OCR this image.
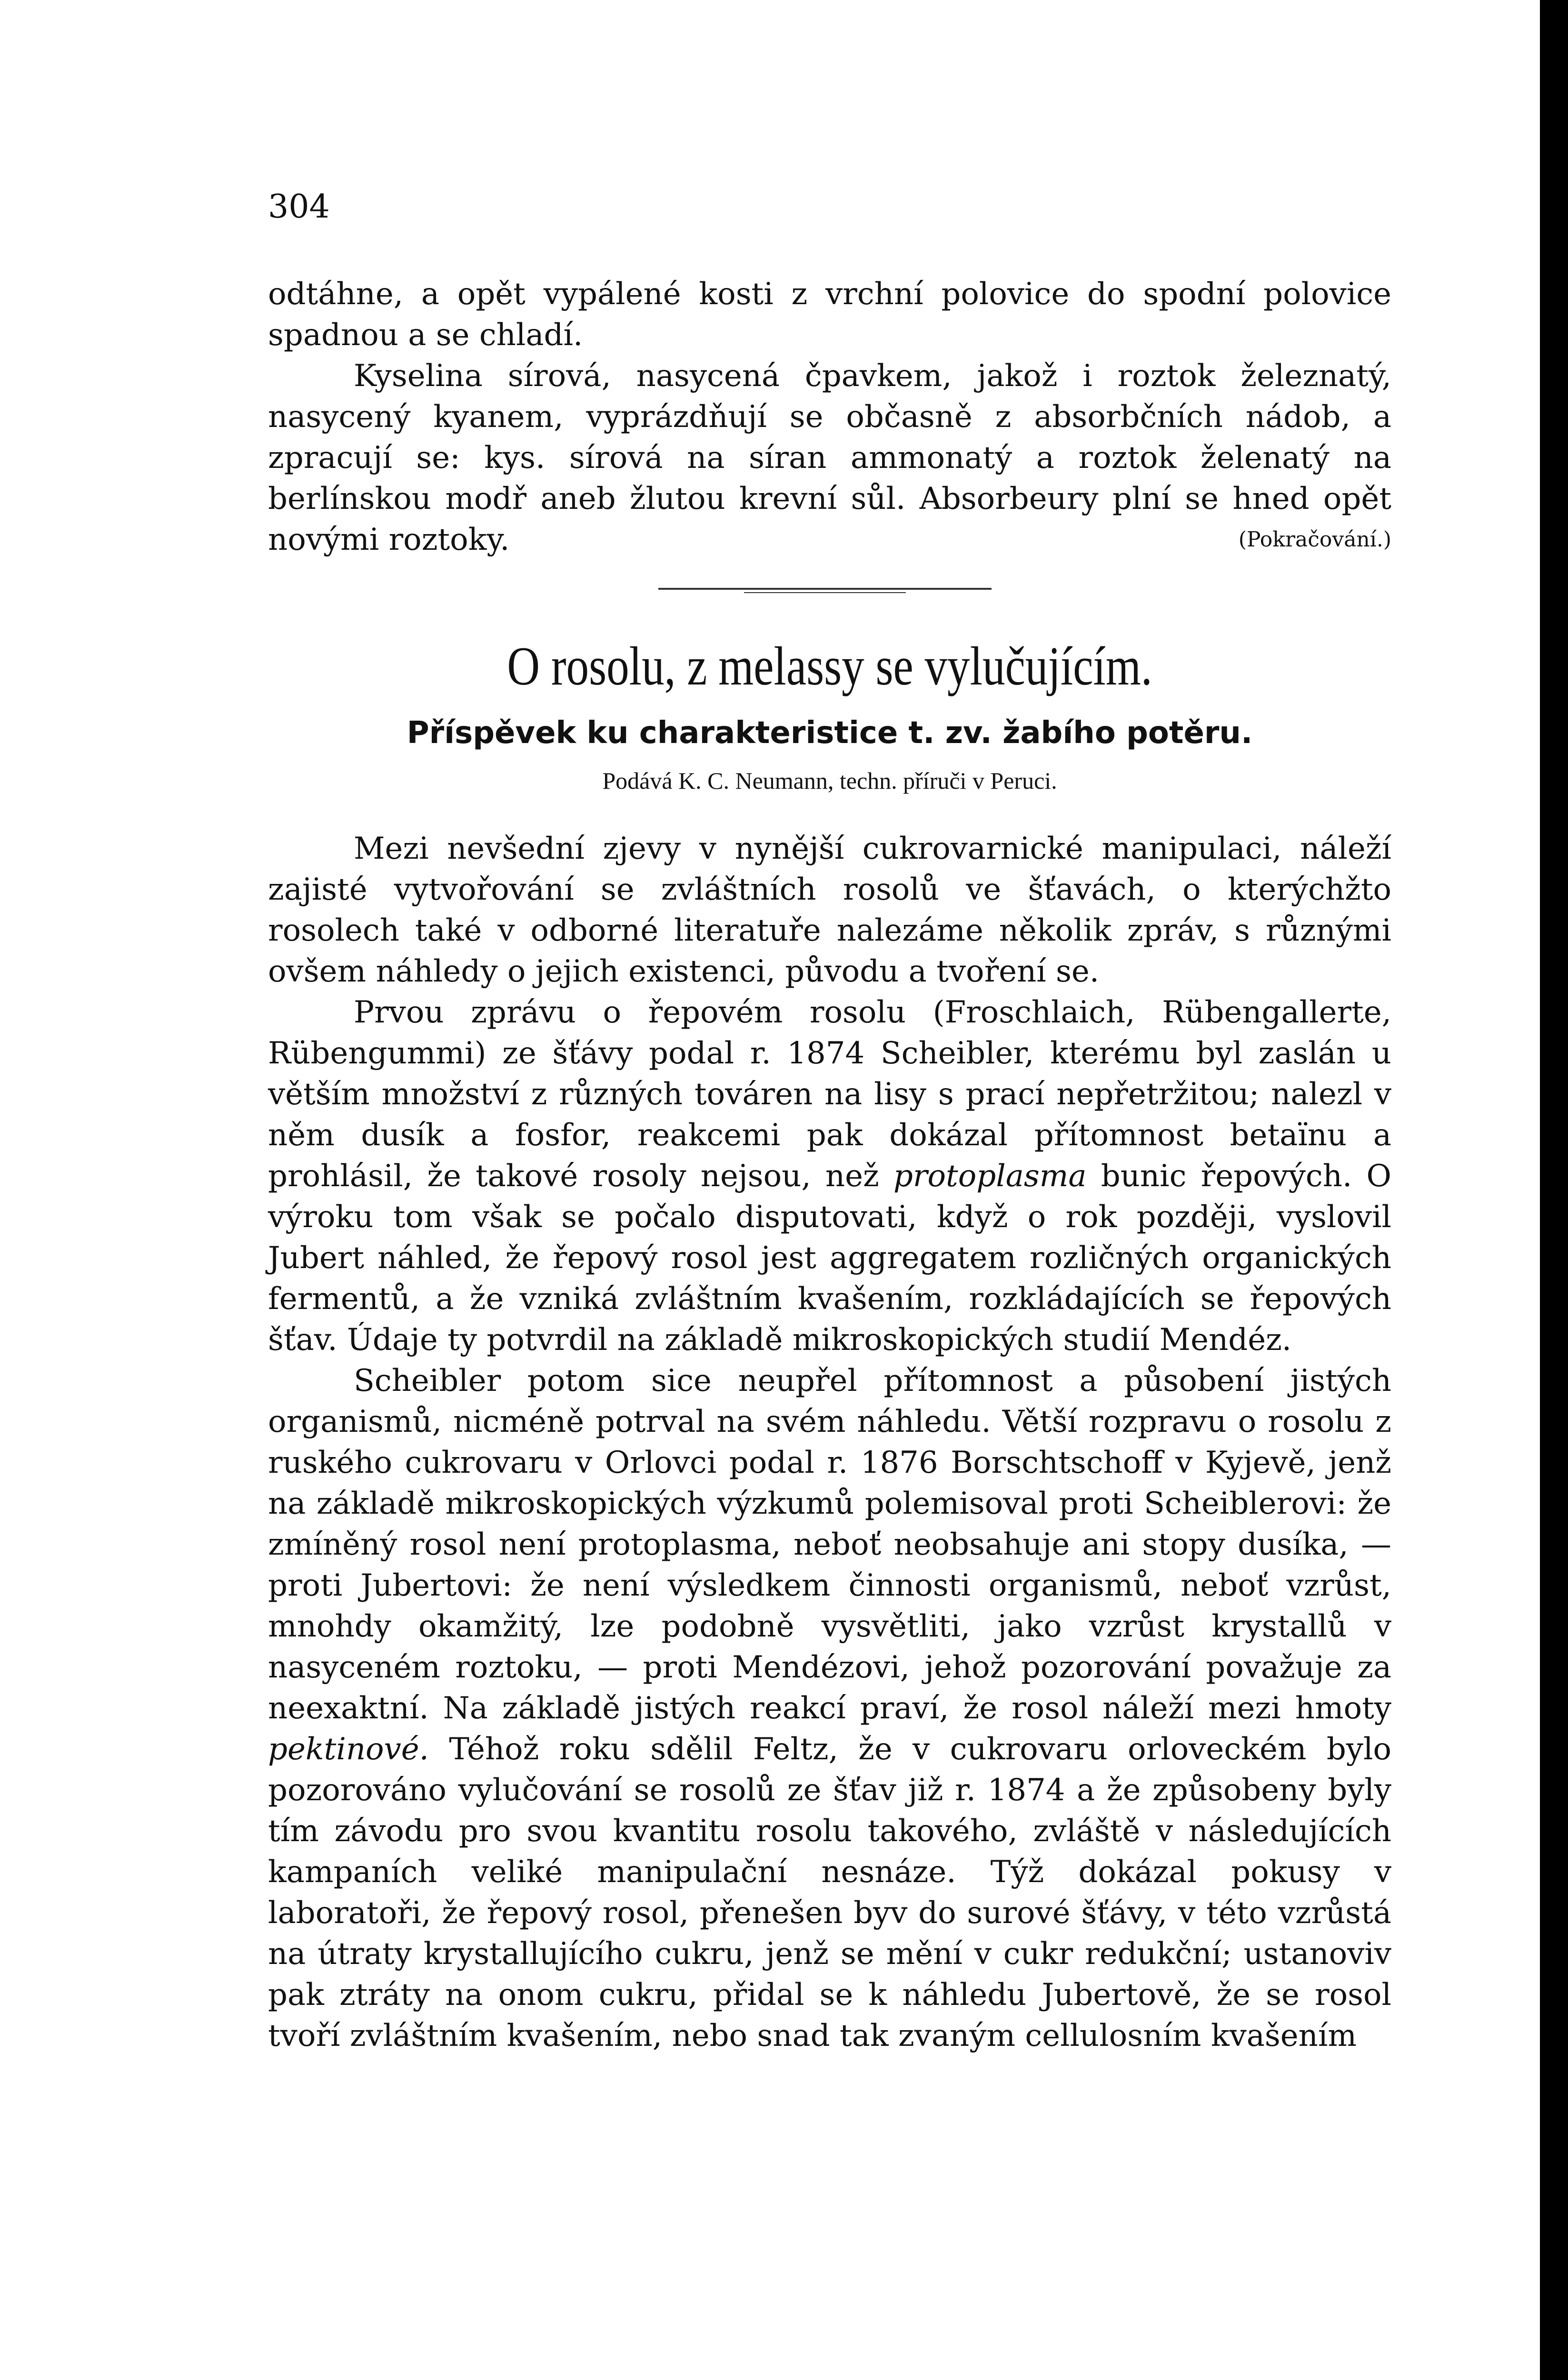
304

odtáhne, a opět vypálené kosti z vrchní polovice do spodní polovice spadnou a se chladí.

Kyselina sírová, nasycená čpavkem, jakož i roztok železnatý, nasycený kyanem, vyprázdňují se občasně z absorbčních nádob, a zpracují se: kys. sírová na síran ammonatý a roztok želenatý na berlínskou modř aneb žlutou krevní sůl. Absorbeury plní se hned opět novými roztoky.	(Pokračování.)

O rosolu, z melassy se vylučujícím.
Příspěvek ku charakteristice t. zv. žabího potěru.
Podává K. C. Neumann, techn. příruči v Peruci.

Mezi nevšední zjevy v nynější cukrovarnické manipulaci, náleží zajisté vytvořování se zvláštních rosolů ve šťavách, o kterýchžto rosolech také v odborné literatuře nalezáme několik zpráv, s různými ovšem náhledy o jejich existenci, původu a tvoření se.

Prvou zprávu o řepovém rosolu (Froschlaich, Rübengallerte, Rübengummi) ze šťávy podal r. 1874 Scheibler, kterému byl zaslán u větším množství z různých továren na lisy s prací nepřetržitou; nalezl v něm dusík a fosfor, reakcemi pak dokázal přítomnost betaïnu a prohlásil, že takové rosoly nejsou, než protoplasma bunic řepových. O výroku tom však se počalo disputovati, když o rok později, vyslovil Jubert náhled, že řepový rosol jest aggregatem rozličných organických fermentů, a že vzniká zvláštním kvašením, rozkládajících se řepových šťav. Údaje ty potvrdil na základě mikroskopických studií Mendéz.

Scheibler potom sice neupřel přítomnost a působení jistých organismů, nicméně potrval na svém náhledu. Větší rozpravu o rosolu z ruského cukrovaru v Orlovci podal r. 1876 Borschtschoff v Kyjevě, jenž na základě mikroskopických výzkumů polemisoval proti Scheiblerovi: že zmíněný rosol není protoplasma, neboť neobsahuje ani stopy dusíka, — proti Jubertovi: že není výsledkem činnosti organismů, neboť vzrůst, mnohdy okamžitý, lze podobně vysvětliti, jako vzrůst krystallů v nasyceném roztoku, — proti Mendézovi, jehož pozorování považuje za neexaktní. Na základě jistých reakcí praví, že rosol náleží mezi hmoty pektinové. Téhož roku sdělil Feltz, že v cukrovaru orloveckém bylo pozorováno vylučování se rosolů ze šťav již r. 1874 a že způsobeny byly tím závodu pro svou kvantitu rosolu takového, zvláště v následujících kampaních veliké manipulační nesnáze. Týž dokázal pokusy v laboratoři, že řepový rosol, přenešen byv do surové šťávy, v této vzrůstá na útraty krystallujícího cukru, jenž se mění v cukr redukční; ustanoviv pak ztráty na onom cukru, přidal se k náhledu Jubertově, že se rosol tvoří zvláštním kvašením, nebo snad tak zvaným cellulosním kvašením
